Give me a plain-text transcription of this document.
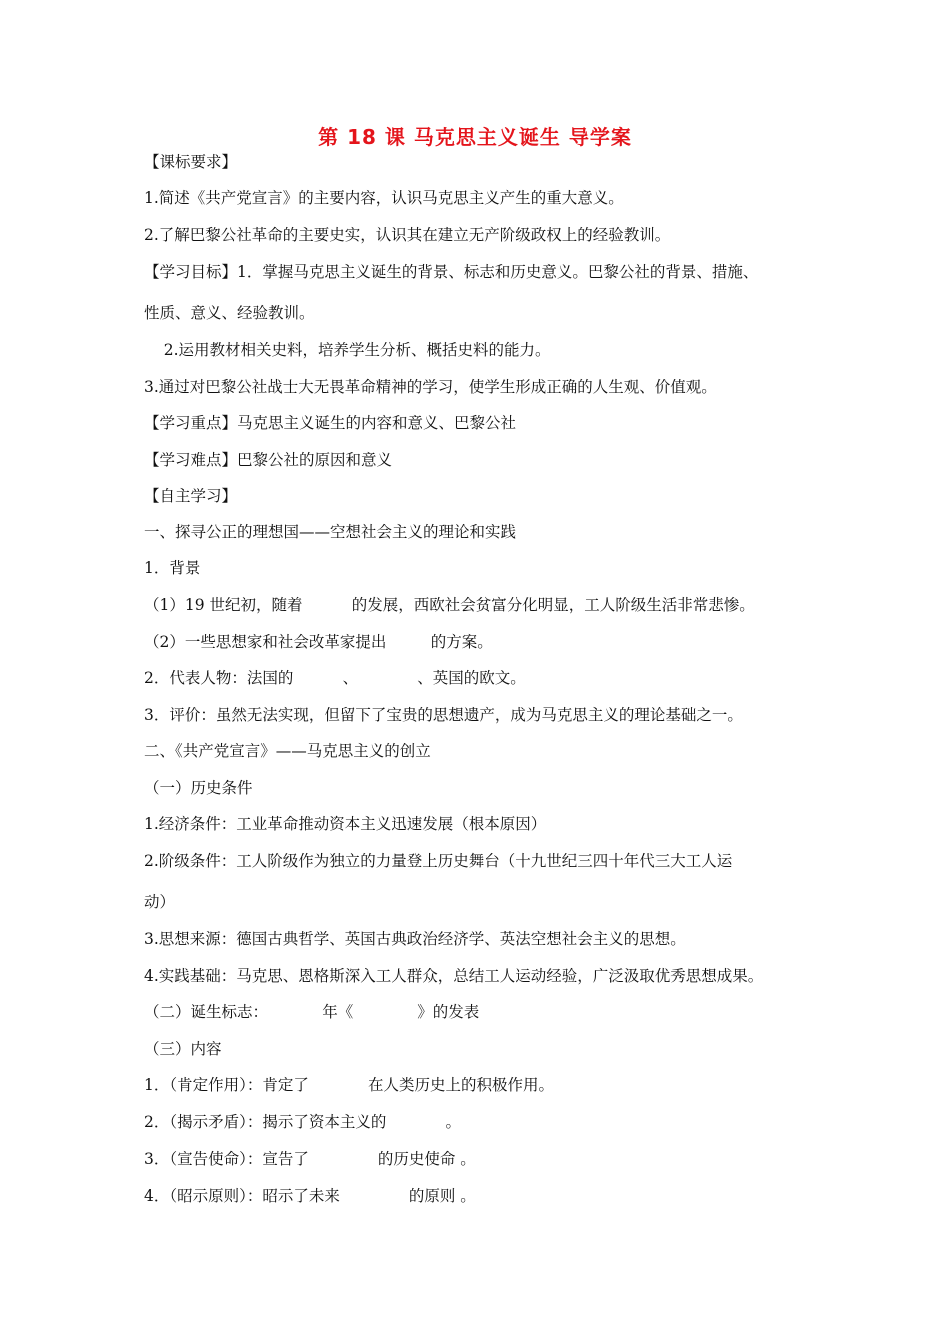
第 18 课 马克思主义诞生 导学案
【课标要求】
1.简述《共产党宣言》的主要内容，认识马克思主义产生的重大意义。
2.了解巴黎公社革命的主要史实，认识其在建立无产阶级政权上的经验教训。
【学习目标】1．掌握马克思主义诞生的背景、标志和历史意义。巴黎公社的背景、措施、
性质、意义、经验教训。
2.运用教材相关史料，培养学生分析、概括史料的能力。
3.通过对巴黎公社战士大无畏革命精神的学习，使学生形成正确的人生观、价值观。
【学习重点】马克思主义诞生的内容和意义、巴黎公社
【学习难点】巴黎公社的原因和意义
【自主学习】
一、探寻公正的理想国——空想社会主义的理论和实践
1．背景
（1）19 世纪初，随着          的发展，西欧社会贫富分化明显，工人阶级生活非常悲惨。
（2）一些思想家和社会改革家提出         的方案。
2．代表人物：法国的          、            、英国的欧文。
3．评价：虽然无法实现，但留下了宝贵的思想遗产，成为马克思主义的理论基础之一。
二、《共产党宣言》——马克思主义的创立
（一）历史条件
1.经济条件：工业革命推动资本主义迅速发展（根本原因）
2.阶级条件：工人阶级作为独立的力量登上历史舞台（十九世纪三四十年代三大工人运
动）
3.思想来源：德国古典哲学、英国古典政治经济学、英法空想社会主义的思想。
4.实践基础：马克思、恩格斯深入工人群众，总结工人运动经验，广泛汲取优秀思想成果。
（二）诞生标志：           年《             》的发表
（三）内容
1．（肯定作用）：肯定了            在人类历史上的积极作用。
2．（揭示矛盾）：揭示了资本主义的            。
3．（宣告使命）：宣告了              的历史使命 。
4．（昭示原则）：昭示了未来              的原则 。
